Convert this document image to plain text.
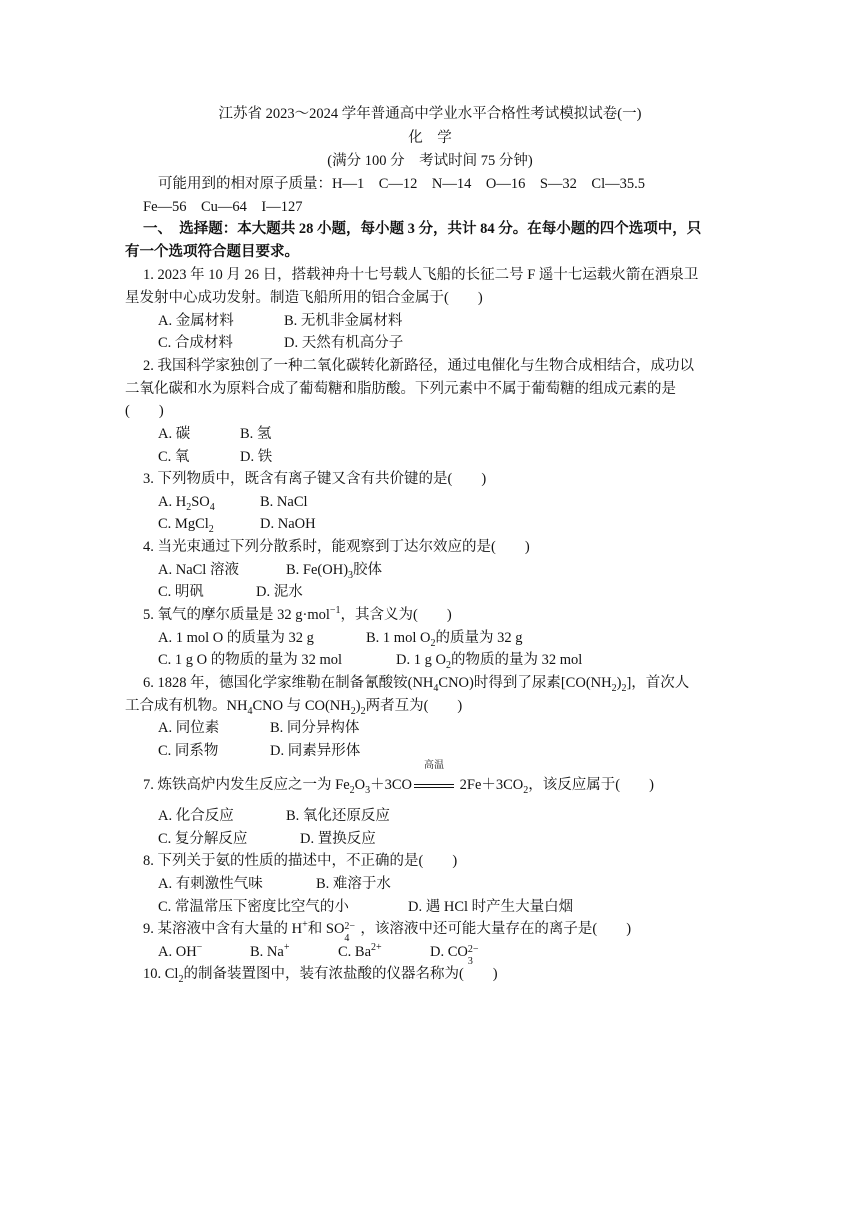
江苏省 2023～2024 学年普通高中学业水平合格性考试模拟试卷(一)
化　学
(满分 100 分　考试时间 75 分钟)
可能用到的相对原子质量：H—1　C—12　N—14　O—16　S—32　Cl—35.5
Fe—56　Cu—64　I—127
一、　选择题：本大题共 28 小题，每小题 3 分，共计 84 分。在每小题的四个选项中，只
有一个选项符合题目要求。
1. 2023 年 10 月 26 日，搭载神舟十七号载人飞船的长征二号 F 遥十七运载火箭在酒泉卫
星发射中心成功发射。制造飞船所用的铝合金属于(　　)
A. 金属材料	B. 无机非金属材料
C. 合成材料	D. 天然有机高分子
2. 我国科学家独创了一种二氧化碳转化新路径，通过电催化与生物合成相结合，成功以
二氧化碳和水为原料合成了葡萄糖和脂肪酸。下列元素中不属于葡萄糖的组成元素的是
(　　)
A. 碳	B. 氢
C. 氧	D. 铁
3. 下列物质中，既含有离子键又含有共价键的是(　　)
A. $H_2SO_4$	B. NaCl
C. MgCl$_2$	D. NaOH
4. 当光束通过下列分散系时，能观察到丁达尔效应的是(　　)
A. NaCl 溶液	B. $Fe(OH)_3$胶体
C. 明矾	D. 泥水
5. 氧气的摩尔质量是 32 g·mol$^{-1}$，其含义为(　　)
A. 1 mol O 的质量为 32 g	B. 1 mol $O_2$的质量为 32 g
C. 1 g O 的物质的量为 32 mol	D. 1 g $O_2$的物质的量为 32 mol
6. 1828 年，德国化学家维勒在制备氰酸铵$(NH_4CNO)$时得到了尿素$[CO(NH_2)_2]$，首次人
工合成有机物。$NH_4CNO$ 与 $CO(NH_2)_2$两者互为(　　)
A. 同位素	B. 同分异构体
C. 同系物	D. 同素异形体
7. 炼铁高炉内发生反应之一为 $Fe_2O_3+3CO$
高温
$2Fe+3CO_2$，该反应属于(　　)
A. 化合反应	B. 氧化还原反应
C. 复分解反应	D. 置换反应
8. 下列关于氨的性质的描述中，不正确的是(　　)
A. 有刺激性气味	B. 难溶于水
C. 常温常压下密度比空气的小	D. 遇 HCl 时产生大量白烟
9. 某溶液中含有大量的 H+和 SO 2−
4
，该溶液中还可能大量存在的离子是(　　)
A. OH−	B. Na+	C. $Ba^{2+}$	D. CO 2−
3
10. $Cl_2$的制备装置图中，装有浓盐酸的仪器名称为(　　)
